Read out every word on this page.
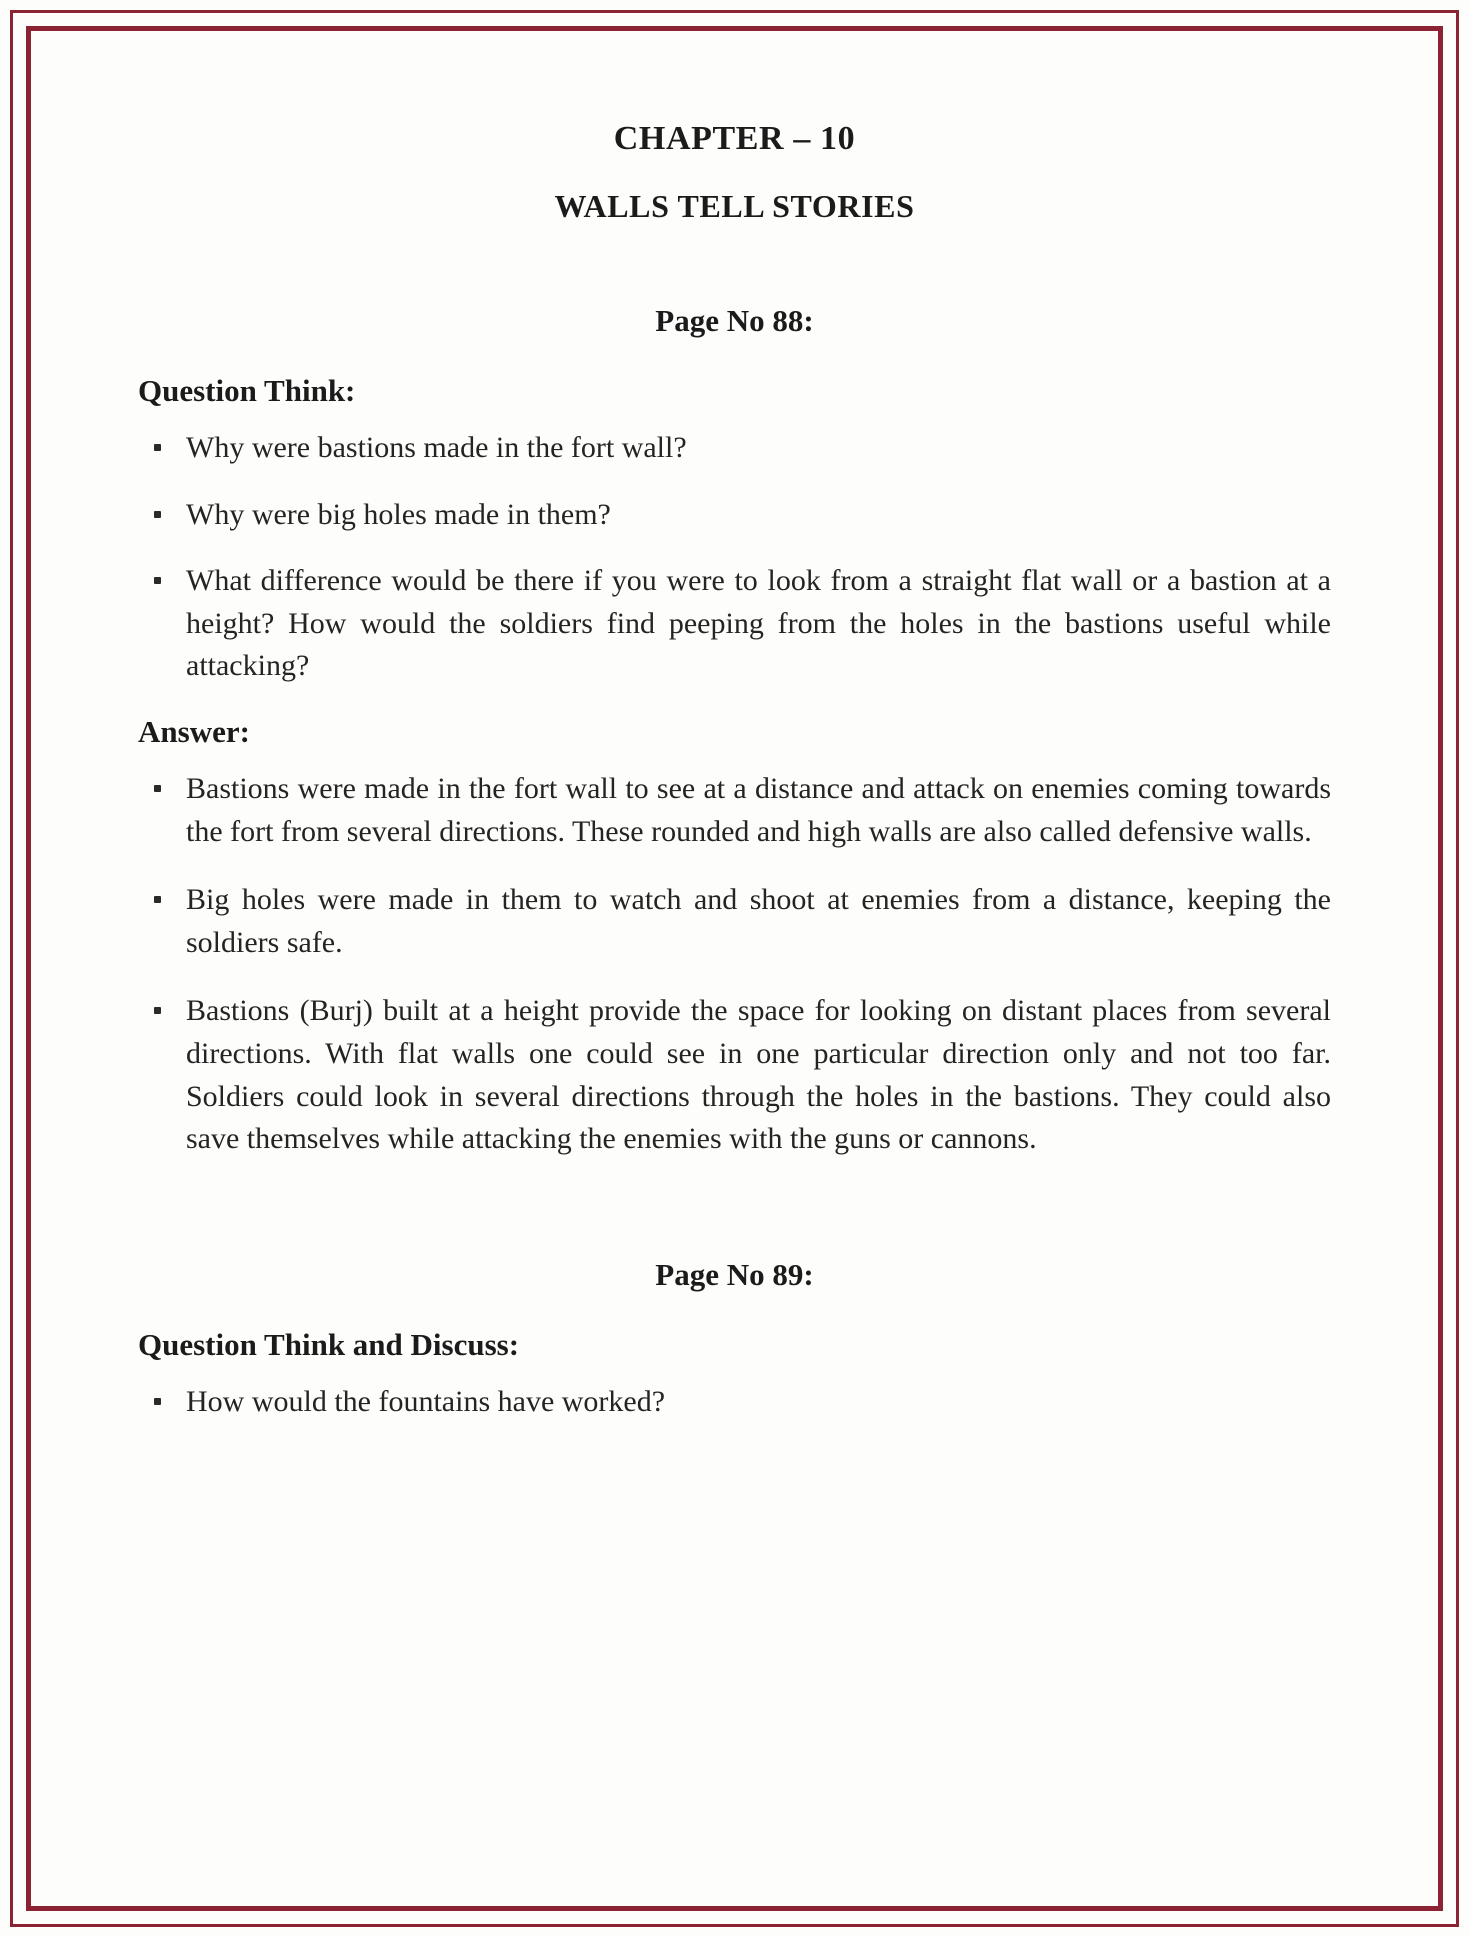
CHAPTER – 10
WALLS TELL STORIES
Page No 88:
Question Think:
Why were bastions made in the fort wall?
Why were big holes made in them?
What difference would be there if you were to look from a straight flat wall or a bastion at a height? How would the soldiers find peeping from the holes in the bastions useful while attacking?
Answer:
Bastions were made in the fort wall to see at a distance and attack on enemies coming towards the fort from several directions. These rounded and high walls are also called defensive walls.
Big holes were made in them to watch and shoot at enemies from a distance, keeping the soldiers safe.
Bastions (Burj) built at a height provide the space for looking on distant places from several directions. With flat walls one could see in one particular direction only and not too far. Soldiers could look in several directions through the holes in the bastions. They could also save themselves while attacking the enemies with the guns or cannons.
Page No 89:
Question Think and Discuss:
How would the fountains have worked?
